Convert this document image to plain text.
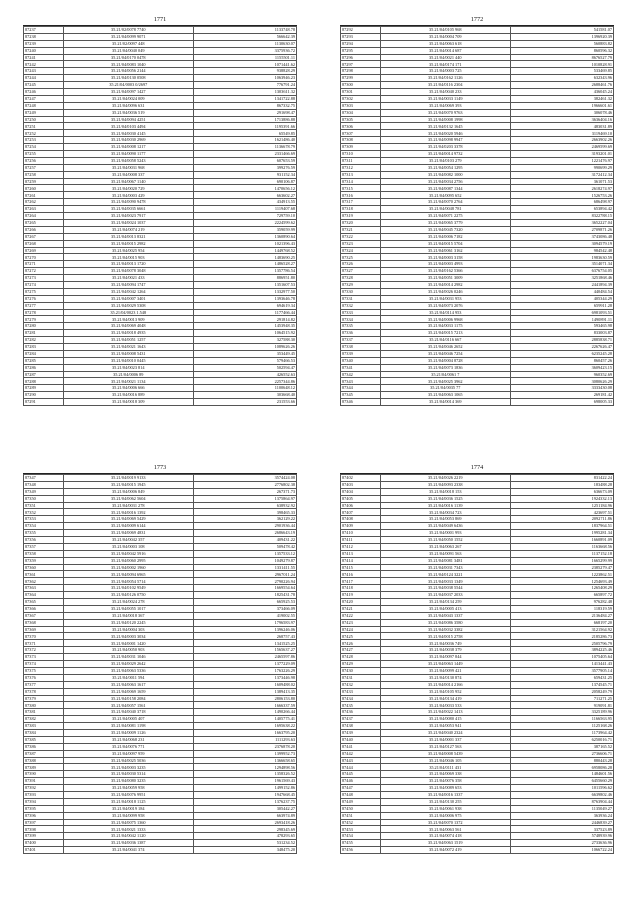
1771
87237	35.21/02/0078 7740	1133748.78
87238	35.21/04/0099 9071	566642.39
87239	35.21/02/0097 448	1130630.07
87240	35.21/04/0040 049	3375936.72
87241	35.21/04/0170 0478	1155501.11
87242	35.21/04/0083 1040	1071441.62
87243	35.21/04/0056 2144	938828.29
87244	35.21/04/0130 0508	1063946.23
87245	35.21/04/0003 0/2697	776791.24
87246	35.21/04/0097 1427	1303611.32
87247	35.21/04/0024 009	1341722.88
87248	35.21/04/0096 631	867332.75
87249	35.21/04/0036 519	291698.47
87250	35.21/04/0094 4251	1713886.88
87251	35.21/04/0103 4494	1195391.66
87252	35.21/04/0030 4145	65549.85
87253	35.21/04/0030 2969	1621486.40
87254	35.21/04/0008 1217	1136678.79
87255	35.21/04/0090 1177	2331466.69
87256	35.21/04/0058 5243	607653.59
87257	35.21/04/0031 968	399276.59
87258	35.21/04/0008 337	931152.34
87259	35.21/04/0067 1140	690106.87
87260	35.21/04/0020 729	1470656.12
87261	35.21/04/0003 429	663602.27
87262	35.21/04/0090 9478	434913.55
87263	35.21/04/0035 6661	1119407.68
87264	35.21/04/0023 7917	729759.10
87265	35.21/04/0024 1037	2224599.62
87266	35.21/04/0074 219	359059.99
87267	35.21/04/0013 8321	1360890.64
87268	35.21/04/0015 2982	1021396.43
87269	35.21/04/0025 954	1449768.52
87270	35.21/04/0015 903	1483690.25
87271	35.21/04/0013 1720	1486528.27
87272	35.21/04/0078 3048	1357786.54
87273	35.21/04/0021 433	886951.80
87274	35.21/04/0094 1747	1351607.53
87275	35.21/04/0042 1264	1332977.50
87276	35.21/04/0007 3401	1393646.78
87277	35.21/04/0029 5308	694619.34
87278	35.21/04/0023 1.548	1177466.44
87279	35.21/04/0013 909	291814.82
87280	35.21/04/0069 4048	1453948.35
87281	35.21/04/0018 4935	1064515.92
87282	35.21/04/0051 1257	327588.30
87283	35.21/04/0021 1643	1089626.26
87284	35.21/04/0008 5431	353449.45
87285	35.21/04/0010 0445	579466.53
87286	35.21/04/0023 814	502594.47
87287	35.21/04/0006 89	426552.63
87288	35.21/04/0021 1134	2257344.86
87289	35.21/04/0006 666	1100648.12
87290	35.21/04/0016 889	303668.40
87291	35.21/04/0018 309	231553.66
1772
87292	35.21/04/0105 968	541581.07
87293	35.21/04/0004 709	1396920.39
87294	35.21/04/0063 618	560883.82
87295	35.21/04/0014 687	860596.32
87296	35.21/04/0021 440	8676527.79
87297	35.21/04/0174 171	1010828.91
87298	35.21/04/0003 725	533469.85
87299	35.21/04/0162 1126	632343.96
87300	35.21/04/0116 2304	2688461.76
87301	35.21/04/0040 233	436045.24
87302	35.21/04/0033 1149	382461.32
87303	35.21/04/0069 393	1966601.61
87304	35.21/04/0070 9763	306078.46
87305	35.21/04/0008 1998	3636404.16
87306	35.21/04/0132 1645	483031.89
87307	35.21/04/0020 5946	3119469.10
87308	35.21/04/0098 9947	2663902.26
87309	35.21/04/0203 3378	2469599.69
87310	35.21/04/0014 9732	3193201.01
87311	35.21/04/0103 279	1221476.97
87312	35.21/04/0054 1295	990699.29
87313	35.21/04/0082 1000	3172412.34
87314	35.21/04/0034 2756	361071.53
87315	35.21/04/0087 1344	2618274.97
87316	35.21/04/0095 652	1526753.26
87317	35.21/04/0070 2764	686498.97
87318	35.21/04/0048 781	653894.42
87319	35.21/04/0071 2275	8322788.15
87320	35.21/04/0065 3779	3652227.04
87321	35.21/04/0045 7320	2709871.26
87322	35.21/04/0006 7182	3743086.48
87323	35.21/04/0015 5704	3094579.19
87324	35.21/04/0061 3162	984542.48
87325	35.21/04/0003 3158	1983630.59
87326	35.21/04/0003 4993	3514071.34
87327	35.21/04/0162 5366	6376754.05
87328	35.21/04/0051 3009	3251868.46
87329	35.21/04/0014 2982	2441894.39
87330	35.21/04/0026 0246	440484.54
87331	35.21/04/0031 953	405344.29
87332	35.21/04/0073 2076	659911.28
87333	35.21/04/0114 953	6981093.51
87334	35.21/04/0006 9968	1490891.11
87335	35.21/04/0033 1175	593465.98
87336	35.21/04/0015 7213	833003.87
87337	35.21/04/0116 667	2885838.71
87338	35.21/04/0046 2652	2267626.47
87339	35.21/04/0046 7254	6235245.28
87340	35.21/04/0004 8728	860457.26
87341	35.21/04/0073 1836	3609423.15
87342	35.21/04/0061 7	960352.69
87343	35.21/04/0025 3962	3080626.29
87344	35.21/04/0035 77	3333430.08
87345	35.21/04/0063 1065	269181.42
87346	35.21/04/0014 369	698005.33
1773
87347	35.21/04/0019 9133	3574424.08
87348	35.21/04/0015 1945	2776802.38
87349	35.21/04/0006 849	267371.73
87350	35.21/04/0062 5604	1375864.97
87351	35.21/04/0031 278	638932.92
87352	35.21/04/0016 1392	398465.33
87353	35.21/04/0069 5429	362129.22
87354	35.21/04/0009 6144	2901936.44
87355	35.21/04/0069 4831	2686643.19
87356	35.21/04/0042 357	409431.22
87357	35.21/04/0003 108	509478.42
87358	35.21/04/0042 5916	1357533.12
87359	35.21/04/0060 2995	1049279.87
87360	35.21/04/0002 1960	1331411.55
87361	35.21/04/0094 6965	2967011.24
87362	35.21/04/0054 5714	2790226.94
87363	35.21/04/0102 9549	1669554.64
87364	35.21/04/0126 0750	1825431.78
87365	35.21/04/0024 278	665925.53
87366	35.21/04/0055 1017	373466.09
87367	35.21/04/0018 367	419002.55
87368	35.21/04/0120 2245	1796583.97
87369	35.21/04/0004 303	1396246.06
87370	35.21/04/0003 3034	268757.43
87371	35.21/04/0001 1420	1341525.25
87372	35.21/04/0050 903	1565637.27
87373	35.21/04/0031 1046	2465597.86
87374	35.21/04/0029 2642	1377229.09
87375	35.21/04/0063 5336	1763226.29
87376	35.21/04/0011 594	1373446.98
87377	35.21/04/0063 1617	1609488.02
87378	35.21/04/0069 1659	1389413.35
87379	35.21/04/0158 2084	2806153.80
87380	35.21/04/0057 1561	1666337.59
87381	35.21/04/0040 3718	1490266.44
87382	35.21/04/0005 407	1405775.41
87383	35.21/04/0081 1198	1695638.22
87384	35.21/04/0009 1126	1663795.20
87385	35.21/04/0068 231	1111293.63
87386	35.21/04/0076 771	2376878.20
87387	35.21/04/0097 959	1399952.73
87388	35.21/04/0025 5036	1366658.65
87389	35.21/04/0003 3235	1294898.56
87390	35.21/04/0030 5314	1358326.52
87391	35.21/04/0080 3235	1961569.43
87392	35.21/04/0059 958	1499152.86
87393	35.21/04/0076 9951	1947668.45
87394	35.21/04/0018 1125	1376237.75
87395	35.21/04/0019 184	305442.27
87396	35.21/04/0099 958	663974.89
87397	35.21/04/0075 1360	2693418.26
87398	35.21/04/0021 1333	298345.69
87399	35.21/04/0042 1120	478293.65
87400	35.21/04/0036 1387	531234.52
87401	35.21/04/0041 374	348475.20
1774
87402	35.21/04/0026 2219	831422.24
87403	35.21/04/0093 2338	183488.28
87404	35.21/04/0018 153	636673.09
87405	35.21/04/0036 1525	1924332.13
87406	35.21/04/0016 1139	1251184.96
87407	35.21/04/0034 723	423697.51
87408	35.21/04/0053 869	2092711.86
87409	35.21/04/0049 6436	1837964.51
87410	35.21/04/0001 993	1995281.34
87411	35.21/04/0050 1552	1660891.09
87412	35.21/04/0063 267	1163668.56
87413	35.21/04/0091 563	1137152.18
87414	35.21/04/0081 3481	1665299.99
87415	35.21/04/0031 7343	2385279.47
87416	35.21/04/0124 3221	1223862.51
87417	35.21/04/0033 1349	1254693.49
87418	35.21/04/0038 5544	1265408.29
87419	35.21/04/0037 2033	665897.72
87420	35.21/04/0134 259	976282.48
87421	35.21/04/0005 413	118319.59
87422	35.21/04/0043 1337	2136484.27
87423	35.21/04/0086 3580	668197.20
87424	35.21/04/0032 3382	3121564.92
87425	35.21/04/0015 2758	2185286.73
87426	35.21/04/0036 749	2505796.79
87427	35.21/04/0038 379	3894225.46
87428	35.21/04/0097 844	1075405.64
87429	35.21/04/0063 1449	1413441.43
87430	35.21/04/0099 421	3577905.14
87431	35.21/04/0130 874	659431.25
87432	35.21/04/0014 2166	1374545.71
87433	35.21/04/0105 952	2058249.79
87434	35.21/04/0134 419	711271.25
87435	35.21/04/0033 533	919091.81
87436	35.21/04/0022 1413	3325189.96
87437	35.21/04/0080 415	1166563.95
87438	35.21/04/0053 941	1125168.26
87439	35.21/04/0040 2324	1173964.42
87440	35.21/04/0001 337	6250016.71
87441	35.21/04/0127 563	387165.52
87442	35.21/04/0008 5439	2736606.71
87443	35.21/04/0046 105	880443.28
87444	35.21/04/0111 431	6958086.28
87445	35.21/04/0069 338	1484601.56
87446	35.21/04/0076 358	6455660.29
87447	35.21/04/0089 653	1011596.62
87448	35.21/04/0016 1337	6639802.46
87449	35.21/04/0130 255	8763904.44
87450	35.21/04/0061 938	1135049.27
87451	35.21/04/0006 975	363936.24
87452	35.21/04/0070 1372	2446839.27
87453	35.21/04/0063 561	337523.89
87454	35.21/04/0074 418	5748939.96
87455	35.21/04/0063 1519	2733636.96
87456	35.21/04/0072 419	1066722.24
